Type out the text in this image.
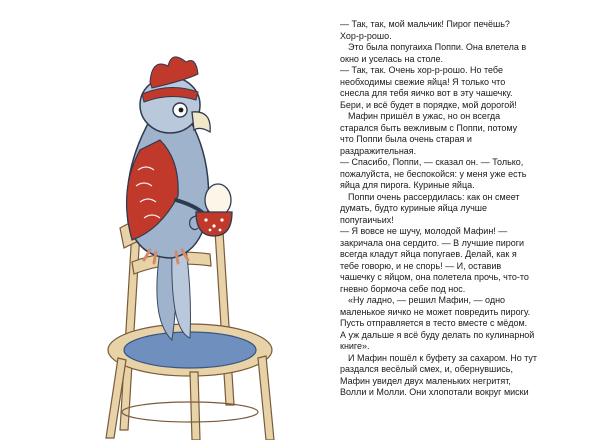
— Так, так, мой мальчик! Пирог печёшь?

Хор-р-рошо.

Это была попугаиха Поппи. Она влетела в

окно и уселась на столе.

— Так, так. Очень хор-р-рошо. Но тебе

необходимы свежие яйца! Я только что

снесла для тебя яичко вот в эту чашечку.

Бери, и всё будет в порядке, мой дорогой!

Мафин пришёл в ужас, но он всегда

старался быть вежливым с Поппи, потому

что Поппи была очень старая и

раздражительная.

— Спасибо, Поппи, — сказал он. — Только,

пожалуйста, не беспокойся: у меня уже есть

яйца для пирога. Куриные яйца.

Поппи очень рассердилась: как он смеет

думать, будто куриные яйца лучше

попугаичьих!

— Я вовсе не шучу, молодой Мафин! —

закричала она сердито. — В лучшие пироги

всегда кладут яйца попугаев. Делай, как я

тебе говорю, и не спорь! — И, оставив

чашечку с яйцом, она полетела прочь, что-то

гневно бормоча себе под нос.

«Ну ладно, — решил Мафин, — одно

маленькое яичко не может повредить пирогу.

Пусть отправляется в тесто вместе с мёдом.

А уж дальше я всё буду делать по кулинарной

книге».

И Мафин пошёл к буфету за сахаром. Но тут

раздался весёлый смех, и, обернувшись,

Мафин увидел двух маленьких негритят,

Волли и Молли. Они хлопотали вокруг миски
